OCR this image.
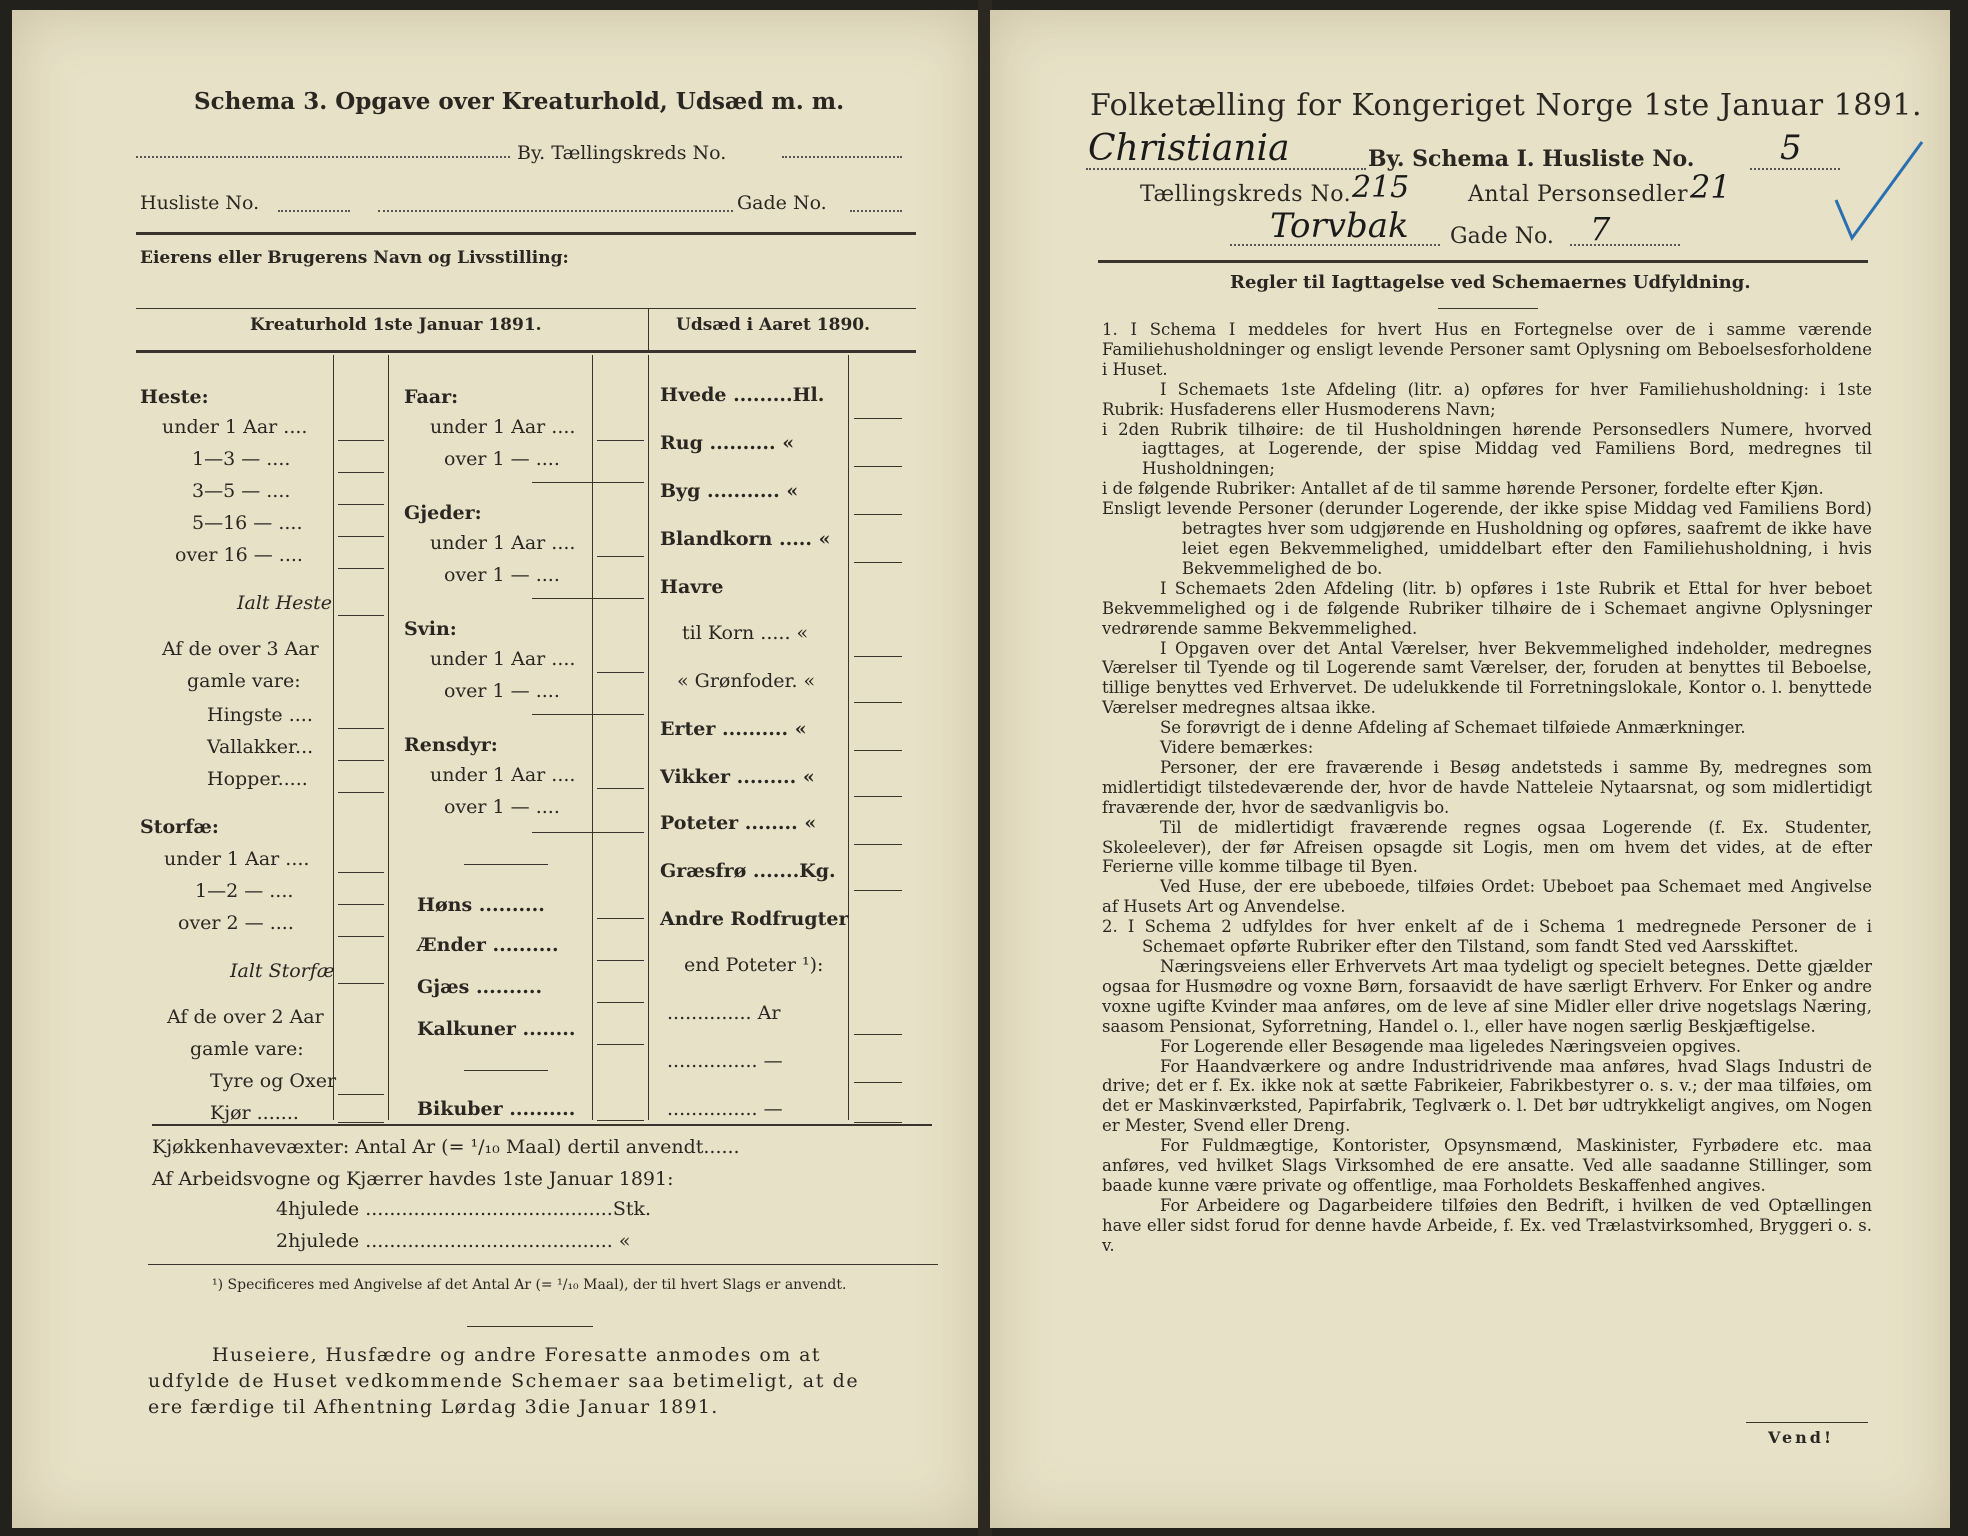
Schema 3. Opgave over Kreaturhold, Udsæd m. m.
By. Tællingskreds No.
Husliste No.	Gade No.
Eierens eller Brugerens Navn og Livsstilling:
Kreaturhold 1ste Januar 1891.	Udsæd i Aaret 1890.
Heste:
under 1 Aar ....
1—3 — ....
3—5 — ....
5—16 — ....
over 16 — ....
Ialt Heste
Af de over 3 Aar
gamle vare:
Hingste ....
Vallakker...
Hopper.....
Storfæ:
under 1 Aar ....
1—2 — ....
over 2 — ....
Ialt Storfæ
Af de over 2 Aar
gamle vare:
Tyre og Oxer
Kjør .......
Faar:
under 1 Aar ....
over 1 — ....
Gjeder:
under 1 Aar ....
over 1 — ....
Svin:
under 1 Aar ....
over 1 — ....
Rensdyr:
under 1 Aar ....
over 1 — ....
Høns ..........
Ænder ..........
Gjæs ..........
Kalkuner ........
Bikuber ..........
Hvede .........Hl.
Rug .......... «
Byg ........... «
Blandkorn ..... «
Havre
til Korn ..... «
« Grønfoder. «
Erter .......... «
Vikker ......... «
Poteter ........ «
Græsfrø .......Kg.
Andre Rodfrugter
end Poteter ¹):
.............. Ar
............... —
............... —
Kjøkkenhavevæxter: Antal Ar (= ¹/₁₀ Maal) dertil anvendt......
Af Arbeidsvogne og Kjærrer havdes 1ste Januar 1891:
4hjulede .........................................Stk.
2hjulede ......................................... «
¹) Specificeres med Angivelse af det Antal Ar (= ¹/₁₀ Maal), der til hvert Slags er anvendt.
Huseiere, Husfædre og andre Foresatte anmodes om at
udfylde de Huset vedkommende Schemaer saa betimeligt, at de
ere færdige til Afhentning Lørdag 3die Januar 1891.
Folketælling for Kongeriget Norge 1ste Januar 1891.
Christiania	By. Schema I. Husliste No.	5
Tællingskreds No. 215	Antal Personsedler 21
Torvbak Gade No. 7
Regler til Iagttagelse ved Schemaernes Udfyldning.

1. I Schema I meddeles for hvert Hus en Fortegnelse over de i samme værende Familiehusholdninger og ensligt levende Personer samt Oplysning om Beboelsesforholdene i Huset.

I Schemaets 1ste Afdeling (litr. a) opføres for hver Familiehusholdning: i 1ste Rubrik: Husfaderens eller Husmoderens Navn;

i 2den Rubrik tilhøire: de til Husholdningen hørende Personsedlers Numere, hvorved iagttages, at Logerende, der spise Middag ved Familiens Bord, medregnes til Husholdningen;

i de følgende Rubriker: Antallet af de til samme hørende Personer, fordelte efter Kjøn.

Ensligt levende Personer (derunder Logerende, der ikke spise Middag ved Familiens Bord) betragtes hver som udgjørende en Husholdning og opføres, saafremt de ikke have leiet egen Bekvemmelighed, umiddelbart efter den Familiehusholdning, i hvis Bekvemmelighed de bo.

I Schemaets 2den Afdeling (litr. b) opføres i 1ste Rubrik et Ettal for hver beboet Bekvemmelighed og i de følgende Rubriker tilhøire de i Schemaet angivne Oplysninger vedrørende samme Bekvemmelighed.

I Opgaven over det Antal Værelser, hver Bekvemmelighed indeholder, medregnes Værelser til Tyende og til Logerende samt Værelser, der, foruden at benyttes til Beboelse, tillige benyttes ved Erhvervet. De udelukkende til Forretningslokale, Kontor o. l. benyttede Værelser medregnes altsaa ikke.

Se forøvrigt de i denne Afdeling af Schemaet tilføiede Anmærkninger.

Videre bemærkes:

Personer, der ere fraværende i Besøg andetsteds i samme By, medregnes som midlertidigt tilstedeværende der, hvor de havde Natteleie Nytaarsnat, og som midlertidigt fraværende der, hvor de sædvanligvis bo.

Til de midlertidigt fraværende regnes ogsaa Logerende (f. Ex. Studenter, Skoleelever), der før Afreisen opsagde sit Logis, men om hvem det vides, at de efter Ferierne ville komme tilbage til Byen.

Ved Huse, der ere ubeboede, tilføies Ordet: Ubeboet paa Schemaet med Angivelse af Husets Art og Anvendelse.

2. I Schema 2 udfyldes for hver enkelt af de i Schema 1 medregnede Personer de i Schemaet opførte Rubriker efter den Tilstand, som fandt Sted ved Aarsskiftet.

Næringsveiens eller Erhvervets Art maa tydeligt og specielt betegnes. Dette gjælder ogsaa for Husmødre og voxne Børn, forsaavidt de have særligt Erhverv. For Enker og andre voxne ugifte Kvinder maa anføres, om de leve af sine Midler eller drive nogetslags Næring, saasom Pensionat, Syforretning, Handel o. l., eller have nogen særlig Beskjæftigelse.

For Logerende eller Besøgende maa ligeledes Næringsveien opgives.

For Haandværkere og andre Industridrivende maa anføres, hvad Slags Industri de drive; det er f. Ex. ikke nok at sætte Fabrikeier, Fabrikbestyrer o. s. v.; der maa tilføies, om det er Maskinværksted, Papirfabrik, Teglværk o. l. Det bør udtrykkeligt angives, om Nogen er Mester, Svend eller Dreng.

For Fuldmægtige, Kontorister, Opsynsmænd, Maskinister, Fyrbødere etc. maa anføres, ved hvilket Slags Virksomhed de ere ansatte. Ved alle saadanne Stillinger, som baade kunne være private og offentlige, maa Forholdets Beskaffenhed angives.

For Arbeidere og Dagarbeidere tilføies den Bedrift, i hvilken de ved Optællingen have eller sidst forud for denne havde Arbeide, f. Ex. ved Trælastvirksomhed, Bryggeri o. s. v.

Vend!
